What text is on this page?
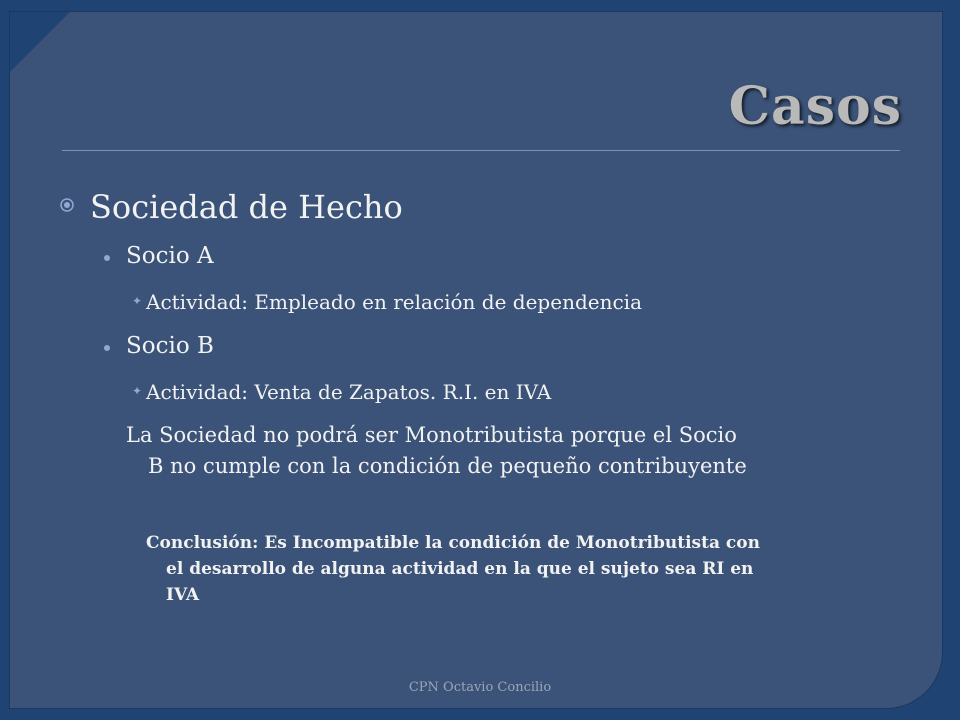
Casos
Sociedad de Hecho
Socio A
✦ Actividad: Empleado en relación de dependencia
Socio B
✦ Actividad: Venta de Zapatos. R.I. en IVA
La Sociedad no podrá ser Monotributista porque el Socio
B no cumple con la condición de pequeño contribuyente
Conclusión: Es Incompatible la condición de Monotributista con
el desarrollo de alguna actividad en la que el sujeto sea RI en
IVA
CPN Octavio Concilio
